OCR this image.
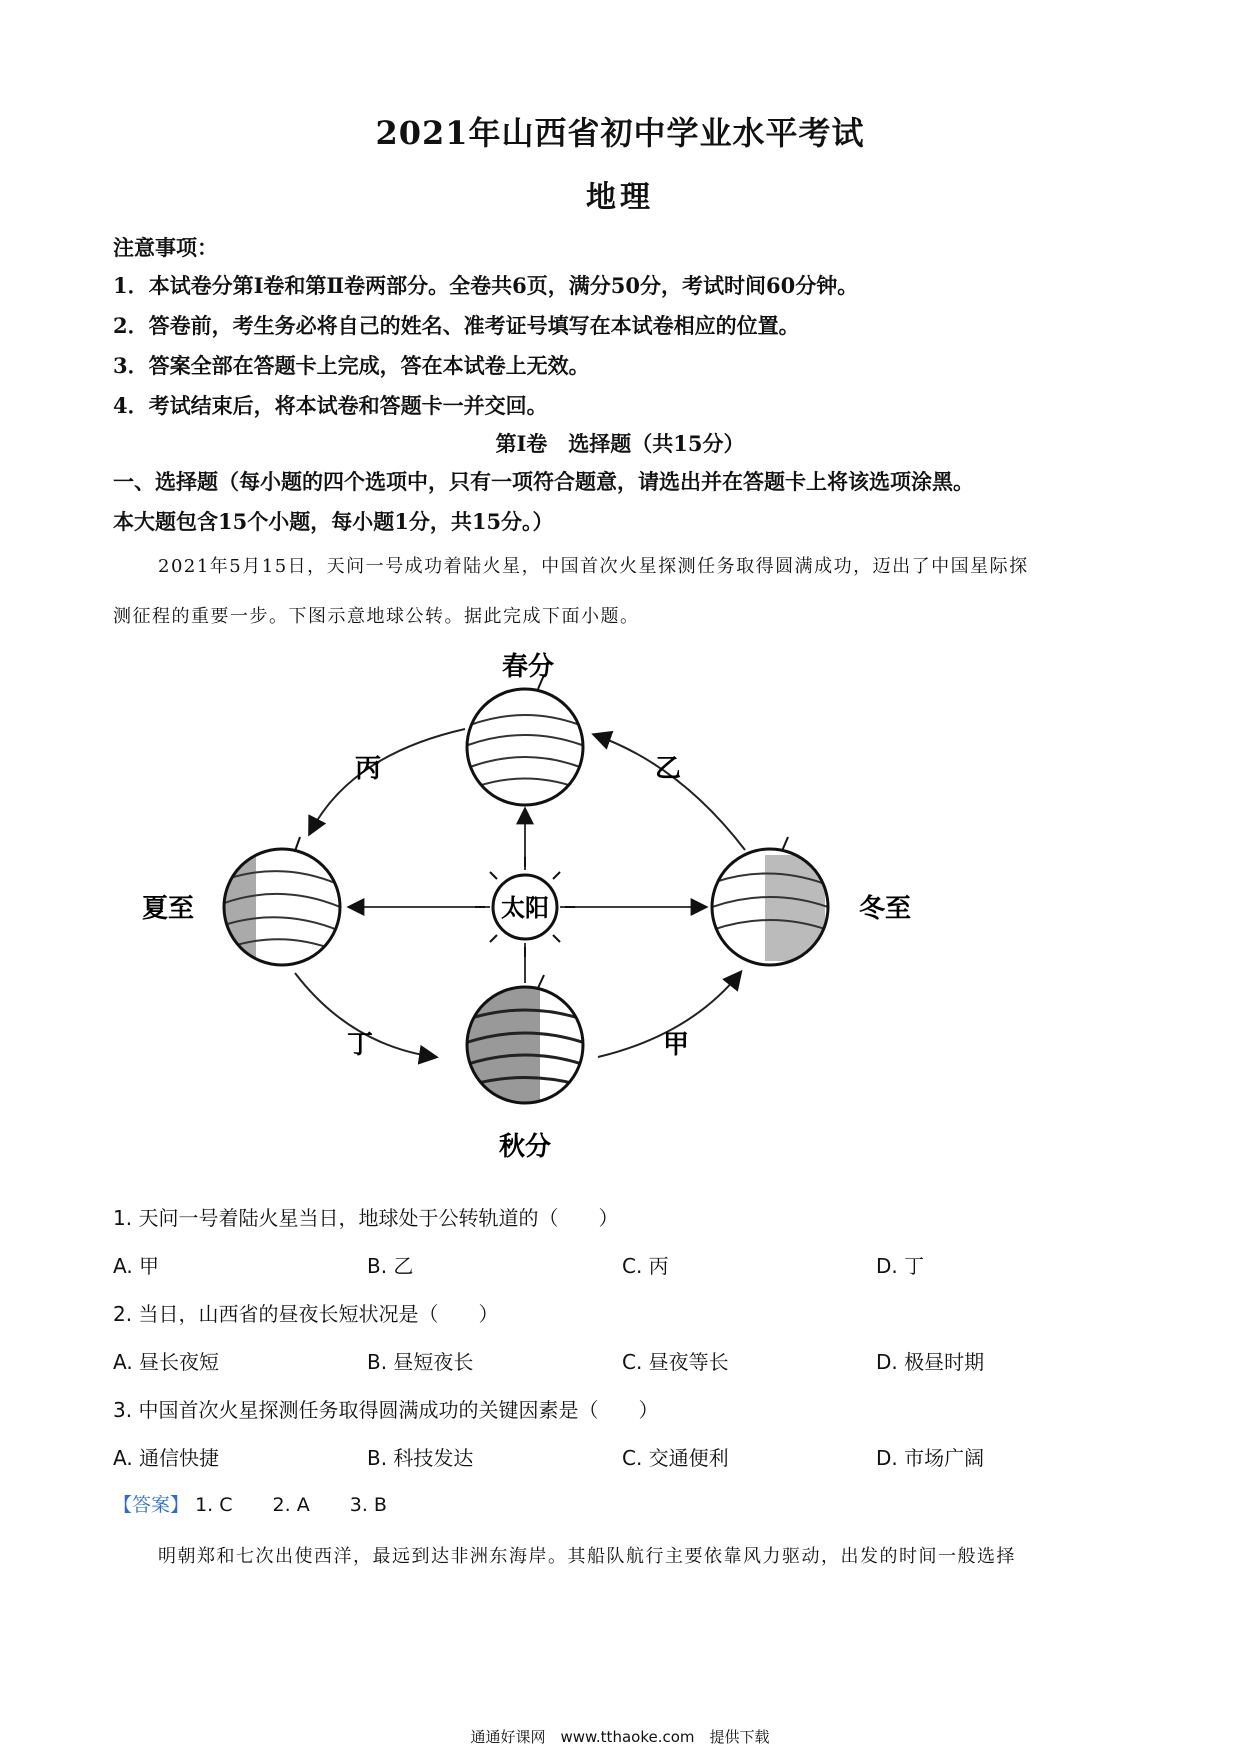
2021年山西省初中学业水平考试
地理
注意事项：
1．本试卷分第Ⅰ卷和第Ⅱ卷两部分。全卷共6页，满分50分，考试时间60分钟。
2．答卷前，考生务必将自己的姓名、准考证号填写在本试卷相应的位置。
3．答案全部在答题卡上完成，答在本试卷上无效。
4．考试结束后，将本试卷和答题卡一并交回。
第Ⅰ卷　选择题（共15分）
一、选择题（每小题的四个选项中，只有一项符合题意，请选出并在答题卡上将该选项涂黑。
本大题包含15个小题，每小题1分，共15分。）
2021年5月15日，天问一号成功着陆火星，中国首次火星探测任务取得圆满成功，迈出了中国星际探
测征程的重要一步。下图示意地球公转。据此完成下面小题。
太阳
春分
夏至
秋分
冬至
丙	乙
丁	甲
1. 天问一号着陆火星当日，地球处于公转轨道的（　　）
A. 甲	B. 乙	C. 丙	D. 丁
2. 当日，山西省的昼夜长短状况是（　　）
A. 昼长夜短	B. 昼短夜长	C. 昼夜等长	D. 极昼时期
3. 中国首次火星探测任务取得圆满成功的关键因素是（　　）
A. 通信快捷	B. 科技发达	C. 交通便利	D. 市场广阔
【答案】 1. C 2. A 3. B
明朝郑和七次出使西洋，最远到达非洲东海岸。其船队航行主要依靠风力驱动，出发的时间一般选择
通通好课网　www.tthaoke.com　提供下载
